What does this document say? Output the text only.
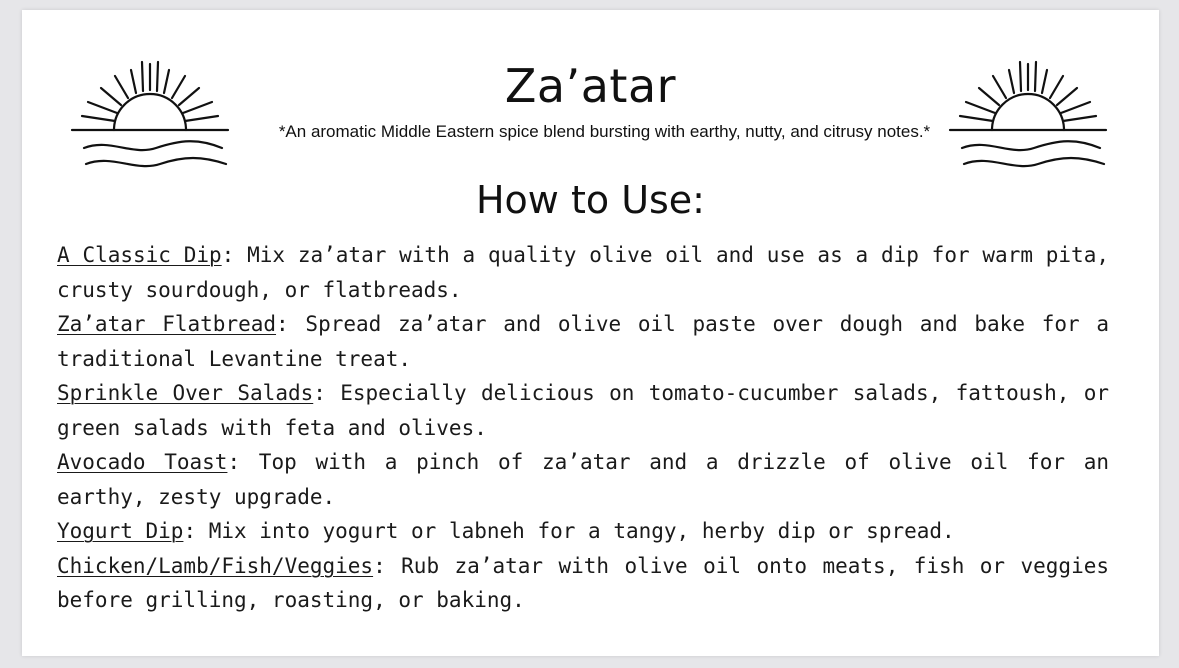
Za’atar
*An aromatic Middle Eastern spice blend bursting with earthy, nutty, and citrusy notes.*
How to Use:
A Classic Dip: Mix za’atar with a quality olive oil and use as a dip for warm pita, crusty sourdough, or flatbreads.
Za’atar Flatbread: Spread za’atar and olive oil paste over dough and bake for a traditional Levantine treat.
Sprinkle Over Salads: Especially delicious on tomato-cucumber salads, fattoush, or green salads with feta and olives.
Avocado Toast: Top with a pinch of za’atar and a drizzle of olive oil for an earthy, zesty upgrade.
Yogurt Dip: Mix into yogurt or labneh for a tangy, herby dip or spread.
Chicken/Lamb/Fish/Veggies: Rub za’atar with olive oil onto meats, fish or veggies before grilling, roasting, or baking.
